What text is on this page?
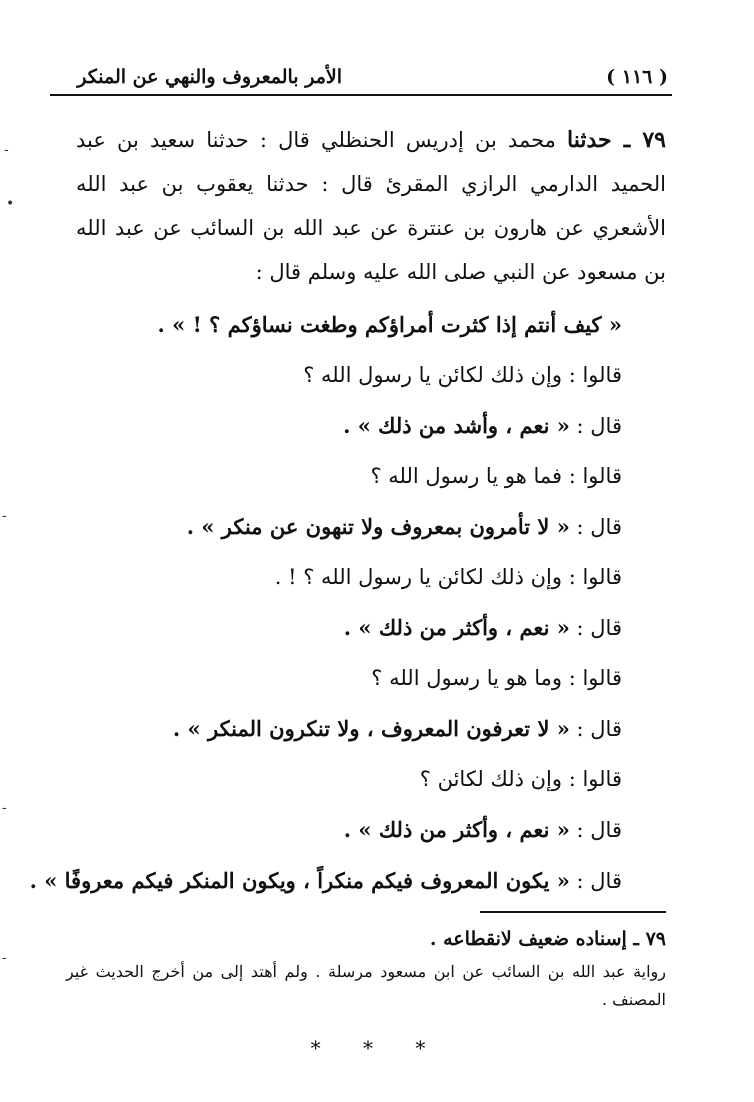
( ١١٦ )
الأمر بالمعروف والنهي عن المنكر
٧٩ ـ حدثنا محمد بن إدريس الحنظلي قال : حدثنا سعيد بن عبد الحميد الدارمي الرازي المقرئ قال : حدثنا يعقوب بن عبد الله الأشعري عن هارون بن عنترة عن عبد الله بن السائب عن عبد الله بن مسعود عن النبي صلى الله عليه وسلم قال :
« كيف أنتم إذا كثرت أمراؤكم وطغت نساؤكم ؟ ! » .
قالوا : وإن ذلك لكائن يا رسول الله ؟
قال : « نعم ، وأشد من ذلك » .
قالوا : فما هو يا رسول الله ؟
قال : « لا تأمرون بمعروف ولا تنهون عن منكر » .
قالوا : وإن ذلك لكائن يا رسول الله ؟ ! .
قال : « نعم ، وأكثر من ذلك » .
قالوا : وما هو يا رسول الله ؟
قال : « لا تعرفون المعروف ، ولا تنكرون المنكر » .
قالوا : وإن ذلك لكائن ؟
قال : « نعم ، وأكثر من ذلك » .
قال : « يكون المعروف فيكم منكراً ، ويكون المنكر فيكم معروفًا » .
٧٩ ـ إسناده ضعيف لانقطاعه .
رواية عبد الله بن السائب عن ابن مسعود مرسلة . ولم أهتد إلى من أخرج الحديث غير المصنف .
* * *
-
•
-
-
-
